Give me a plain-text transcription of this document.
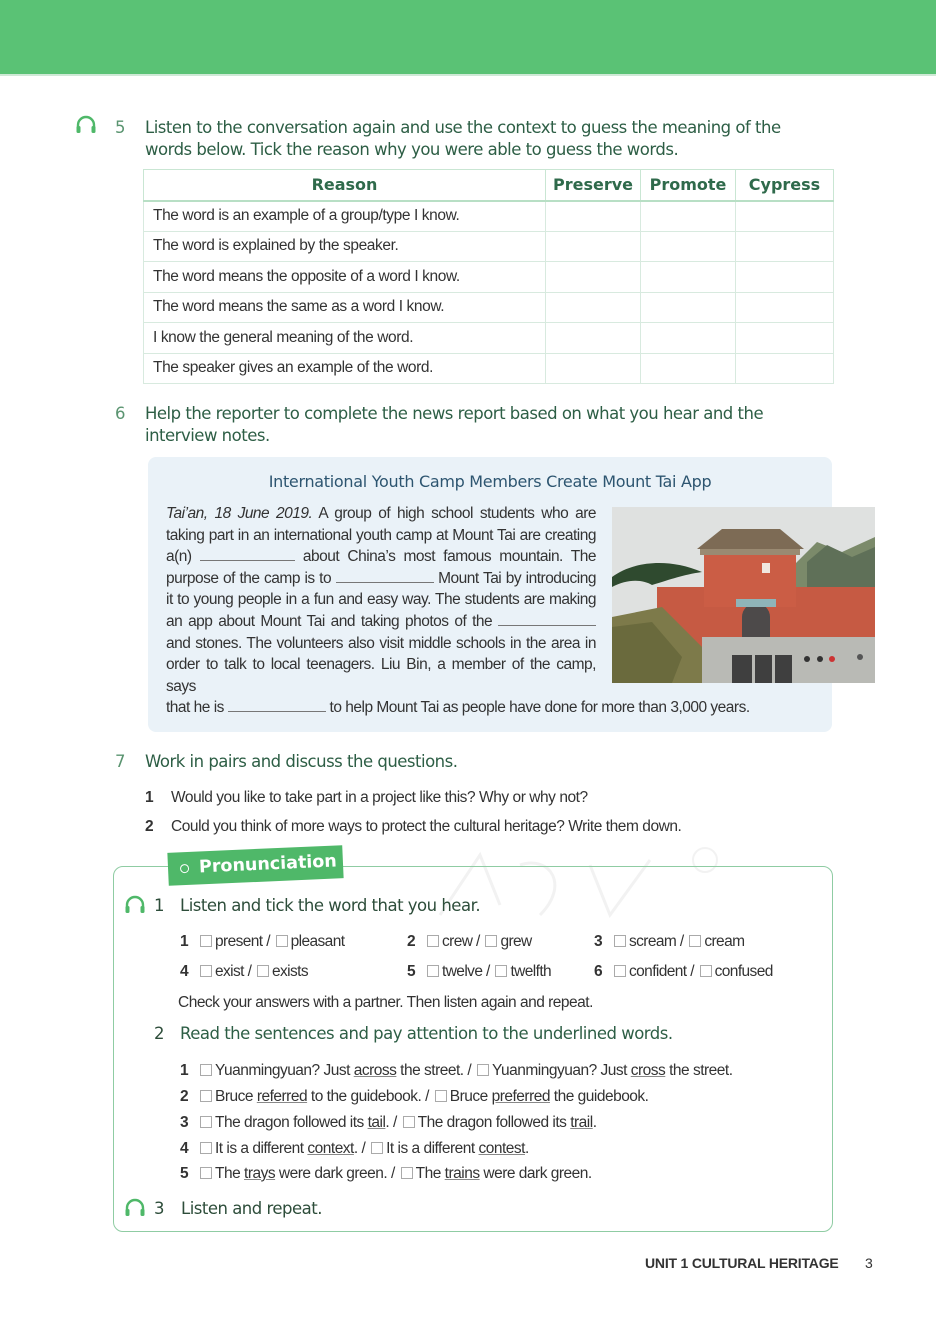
5 Listen to the conversation again and use the context to guess the meaning of the
words below. Tick the reason why you were able to guess the words.
Reason	Preserve	Promote	Cypress
The word is an example of a group/type I know.			
The word is explained by the speaker.			
The word means the opposite of a word I know.			
The word means the same as a word I know.			
I know the general meaning of the word.			
The speaker gives an example of the word.			
6 Help the reporter to complete the news report based on what you hear and the
interview notes.
International Youth Camp Members Create Mount Tai App
Tai’an, 18 June 2019. A group of high school students who are taking part in an international youth camp at Mount Tai are creating a(n)	about China’s most famous mountain. The purpose of the camp is to	Mount Tai by introducing it to young people in a fun and easy way. The students are making an app about Mount Tai and taking photos of the  and stones. The volunteers also visit middle schools in the area in order to talk to local teenagers. Liu Bin, a member of the camp, says
that he is	to help Mount Tai as people have done for more than 3,000 years.
7 Work in pairs and discuss the questions.
1 Would you like to take part in a project like this? Why or why not?
2 Could you think of more ways to protect the cultural heritage? Write them down.
Pronunciation
1 Listen and tick the word that you hear.
1 present / pleasant	2 crew / grew	3 scream / cream
4 exist / exists	5 twelve / twelfth	6 confident / confused
Check your answers with a partner. Then listen again and repeat.
2 Read the sentences and pay attention to the underlined words.
1 Yuanmingyuan? Just across the street. / Yuanmingyuan? Just cross the street.
2 Bruce referred to the guidebook. / Bruce preferred the guidebook.
3 The dragon followed its tail. / The dragon followed its trail.
4 It is a different context. / It is a different contest.
5 The trays were dark green. / The trains were dark green.
3 Listen and repeat.
UNIT 1 CULTURAL HERITAGE 3
